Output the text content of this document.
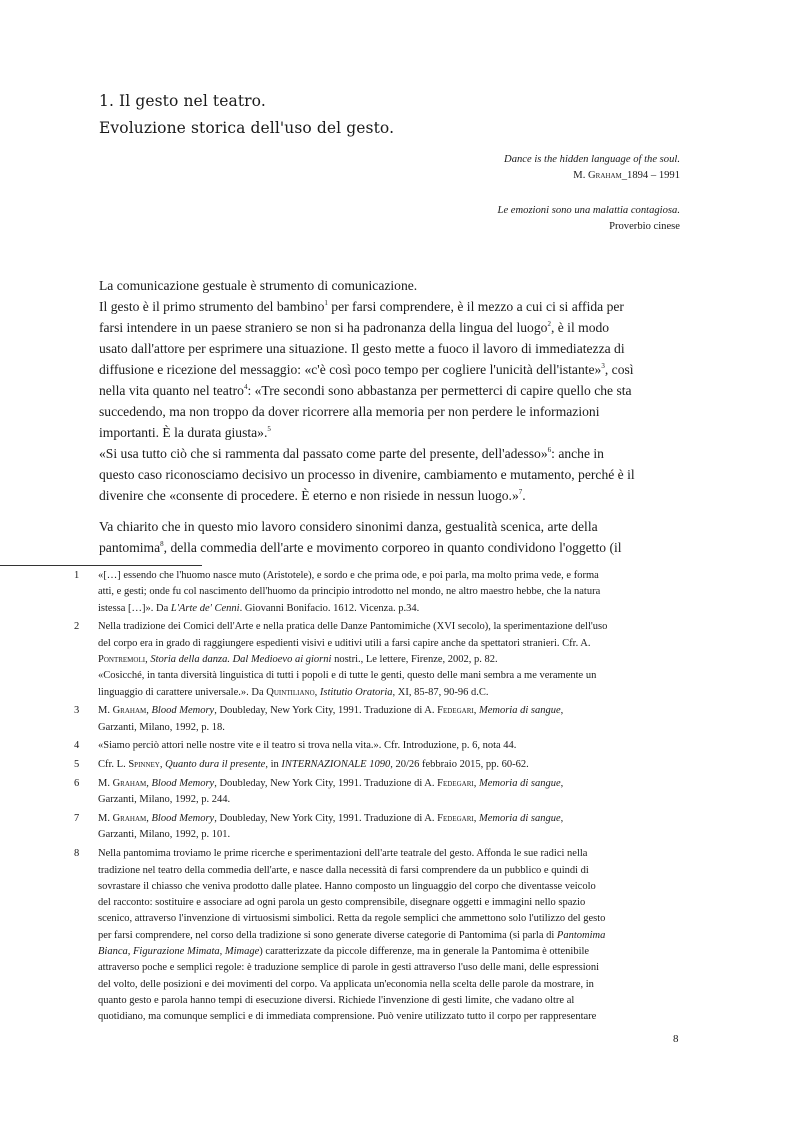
1. Il gesto nel teatro.
Evoluzione storica dell'uso del gesto.
Dance is the hidden language of the soul.
M. Graham_1894 – 1991
Le emozioni sono una malattia contagiosa.
Proverbio cinese
La comunicazione gestuale è strumento di comunicazione.
Il gesto è il primo strumento del bambino$^1$ per farsi comprendere, è il mezzo a cui ci si affida per
farsi intendere in un paese straniero se non si ha padronanza della lingua del luogo$^2$, è il modo
usato dall'attore per esprimere una situazione. Il gesto mette a fuoco il lavoro di immediatezza di
diffusione e ricezione del messaggio: «c'è così poco tempo per cogliere l'unicità dell'istante»$^3$, così
nella vita quanto nel teatro$^4$: «Tre secondi sono abbastanza per permetterci di capire quello che sta
succedendo, ma non troppo da dover ricorrere alla memoria per non perdere le informazioni
importanti. È la durata giusta».$^5$
«Si usa tutto ciò che si rammenta dal passato come parte del presente, dell'adesso»$^6$: anche in
questo caso riconosciamo decisivo un processo in divenire, cambiamento e mutamento, perché è il
divenire che «consente di procedere. È eterno e non risiede in nessun luogo.»$^7$.
Va chiarito che in questo mio lavoro considero sinonimi danza, gestualità scenica, arte della
pantomima$^8$, della commedia dell'arte e movimento corporeo in quanto condividono l'oggetto (il
1	«[…] essendo che l'huomo nasce muto (Aristotele), e sordo e che prima ode, e poi parla, ma molto prima vede, e forma
atti, e gesti; onde fu col nascimento dell'huomo da principio introdotto nel mondo, ne altro maestro hebbe, che la natura
istessa […]». Da L'Arte de' Cenni. Giovanni Bonifacio. 1612. Vicenza. p.34.
2	Nella tradizione dei Comici dell'Arte e nella pratica delle Danze Pantomimiche (XVI secolo), la sperimentazione dell'uso
del corpo era in grado di raggiungere espedienti visivi e uditivi utili a farsi capire anche da spettatori stranieri. Cfr. A.
Pontremoli, Storia della danza. Dal Medioevo ai giorni nostri., Le lettere, Firenze, 2002, p. 82.
«Cosicché, in tanta diversità linguistica di tutti i popoli e di tutte le genti, questo delle mani sembra a me veramente un
linguaggio di carattere universale.». Da Quintiliano, Istitutio Oratoria, XI, 85-87, 90-96 d.C.
3	M. Graham, Blood Memory, Doubleday, New York City, 1991. Traduzione di A. Fedegari, Memoria di sangue,
Garzanti, Milano, 1992, p. 18.
4	«Siamo perciò attori nelle nostre vite e il teatro si trova nella vita.». Cfr. Introduzione, p. 6, nota 44.
5	Cfr. L. Spinney, Quanto dura il presente, in INTERNAZIONALE 1090, 20/26 febbraio 2015, pp. 60-62.
6	M. Graham, Blood Memory, Doubleday, New York City, 1991. Traduzione di A. Fedegari, Memoria di sangue,
Garzanti, Milano, 1992, p. 244.
7	M. Graham, Blood Memory, Doubleday, New York City, 1991. Traduzione di A. Fedegari, Memoria di sangue,
Garzanti, Milano, 1992, p. 101.
8	Nella pantomima troviamo le prime ricerche e sperimentazioni dell'arte teatrale del gesto. Affonda le sue radici nella
tradizione nel teatro della commedia dell'arte, e nasce dalla necessità di farsi comprendere da un pubblico e quindi di
sovrastare il chiasso che veniva prodotto dalle platee. Hanno composto un linguaggio del corpo che diventasse veicolo
del racconto: sostituire e associare ad ogni parola un gesto comprensibile, disegnare oggetti e immagini nello spazio
scenico, attraverso l'invenzione di virtuosismi simbolici. Retta da regole semplici che ammettono solo l'utilizzo del gesto
per farsi comprendere, nel corso della tradizione si sono generate diverse categorie di Pantomima (si parla di Pantomima
Bianca, Figurazione Mimata, Mimage) caratterizzate da piccole differenze, ma in generale la Pantomima è ottenibile
attraverso poche e semplici regole: è traduzione semplice di parole in gesti attraverso l'uso delle mani, delle espressioni
del volto, delle posizioni e dei movimenti del corpo. Va applicata un'economia nella scelta delle parole da mostrare, in
quanto gesto e parola hanno tempi di esecuzione diversi. Richiede l'invenzione di gesti limite, che vadano oltre al
quotidiano, ma comunque semplici e di immediata comprensione. Può venire utilizzato tutto il corpo per rappresentare
8
